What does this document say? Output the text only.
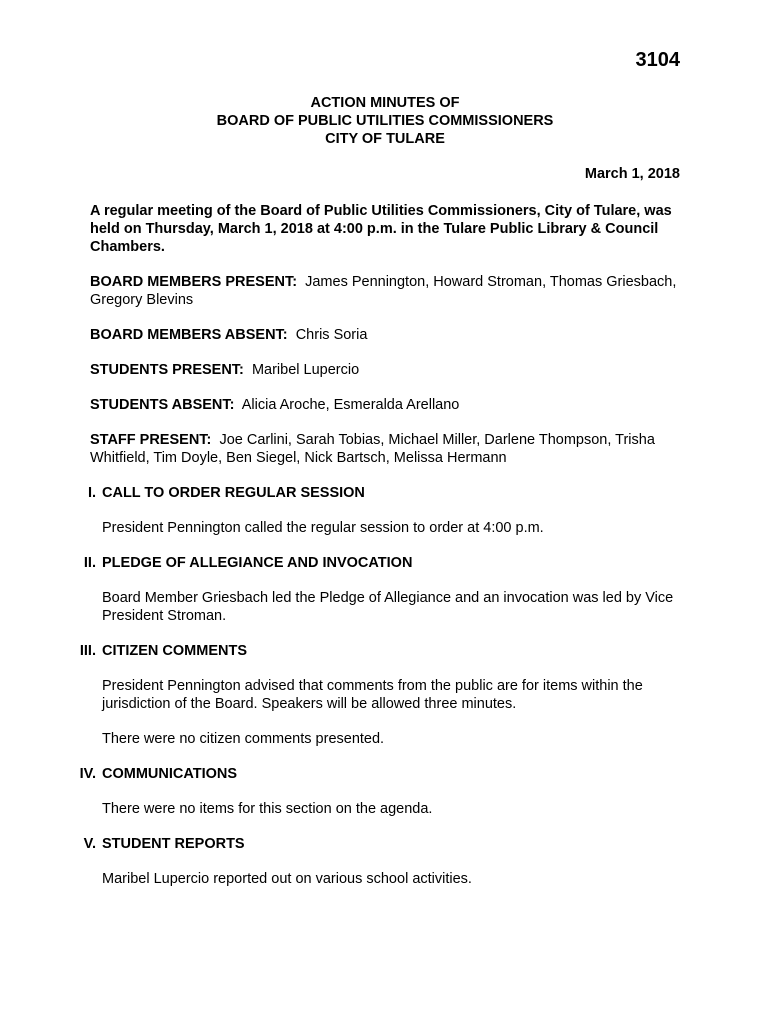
3104
ACTION MINUTES OF
BOARD OF PUBLIC UTILITIES COMMISSIONERS
CITY OF TULARE
March 1, 2018

A regular meeting of the Board of Public Utilities Commissioners, City of Tulare, was held on Thursday, March 1, 2018 at 4:00 p.m. in the Tulare Public Library & Council Chambers.

BOARD MEMBERS PRESENT: James Pennington, Howard Stroman, Thomas Griesbach, Gregory Blevins

BOARD MEMBERS ABSENT: Chris Soria

STUDENTS PRESENT: Maribel Lupercio

STUDENTS ABSENT: Alicia Aroche, Esmeralda Arellano

STAFF PRESENT: Joe Carlini, Sarah Tobias, Michael Miller, Darlene Thompson, Trisha Whitfield, Tim Doyle, Ben Siegel, Nick Bartsch, Melissa Hermann

I. CALL TO ORDER REGULAR SESSION

President Pennington called the regular session to order at 4:00 p.m.

II. PLEDGE OF ALLEGIANCE AND INVOCATION

Board Member Griesbach led the Pledge of Allegiance and an invocation was led by Vice President Stroman.

III. CITIZEN COMMENTS

President Pennington advised that comments from the public are for items within the jurisdiction of the Board. Speakers will be allowed three minutes.

There were no citizen comments presented.

IV. COMMUNICATIONS

There were no items for this section on the agenda.

V. STUDENT REPORTS

Maribel Lupercio reported out on various school activities.
